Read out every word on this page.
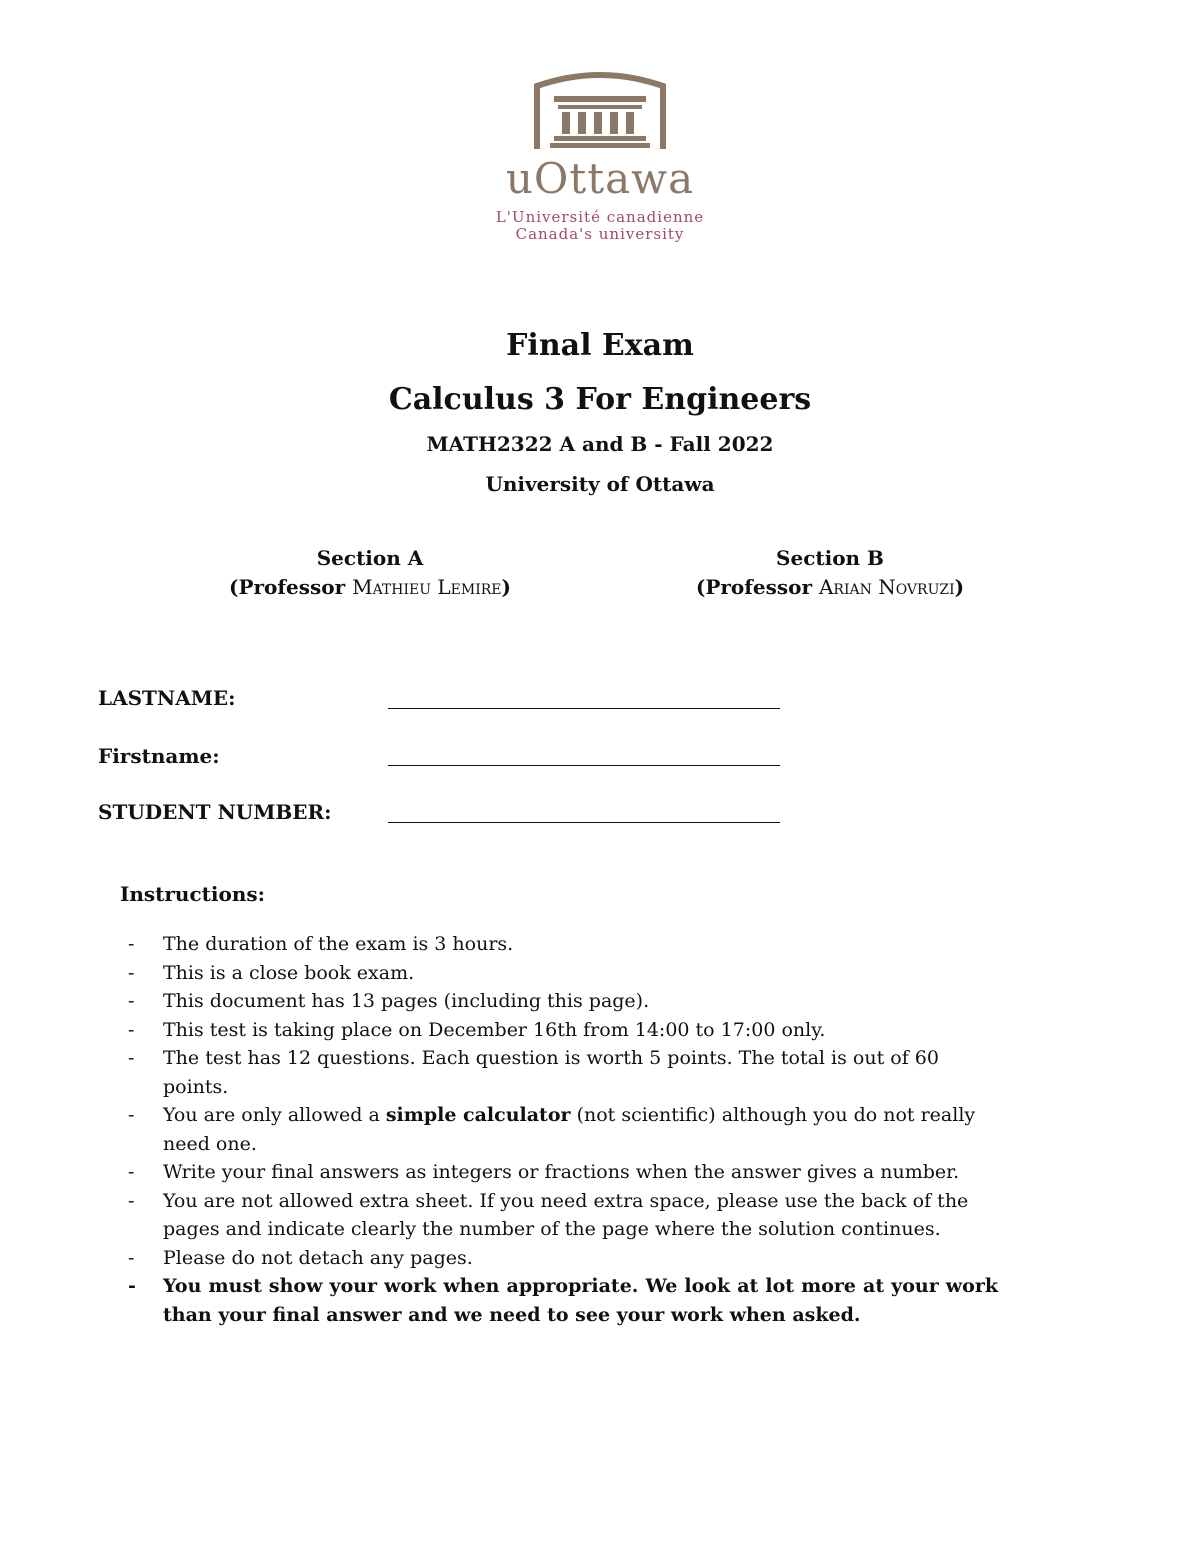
uOttawa
L'Université canadienne
Canada's university
Final Exam
Calculus 3 For Engineers
MATH2322 A and B - Fall 2022
University of Ottawa
Section A
(Professor Mathieu Lemire)
Section B
(Professor Arian Novruzi)
LASTNAME:
Firstname:
STUDENT NUMBER:
Instructions:
- The duration of the exam is 3 hours.
- This is a close book exam.
- This document has 13 pages (including this page).
- This test is taking place on December 16th from 14:00 to 17:00 only.
- The test has 12 questions. Each question is worth 5 points. The total is out of 60 points.
- You are only allowed a simple calculator (not scientific) although you do not really need one.
- Write your final answers as integers or fractions when the answer gives a number.
- You are not allowed extra sheet. If you need extra space, please use the back of the pages and indicate clearly the number of the page where the solution continues.
- Please do not detach any pages.
- You must show your work when appropriate. We look at lot more at your work than your final answer and we need to see your work when asked.
